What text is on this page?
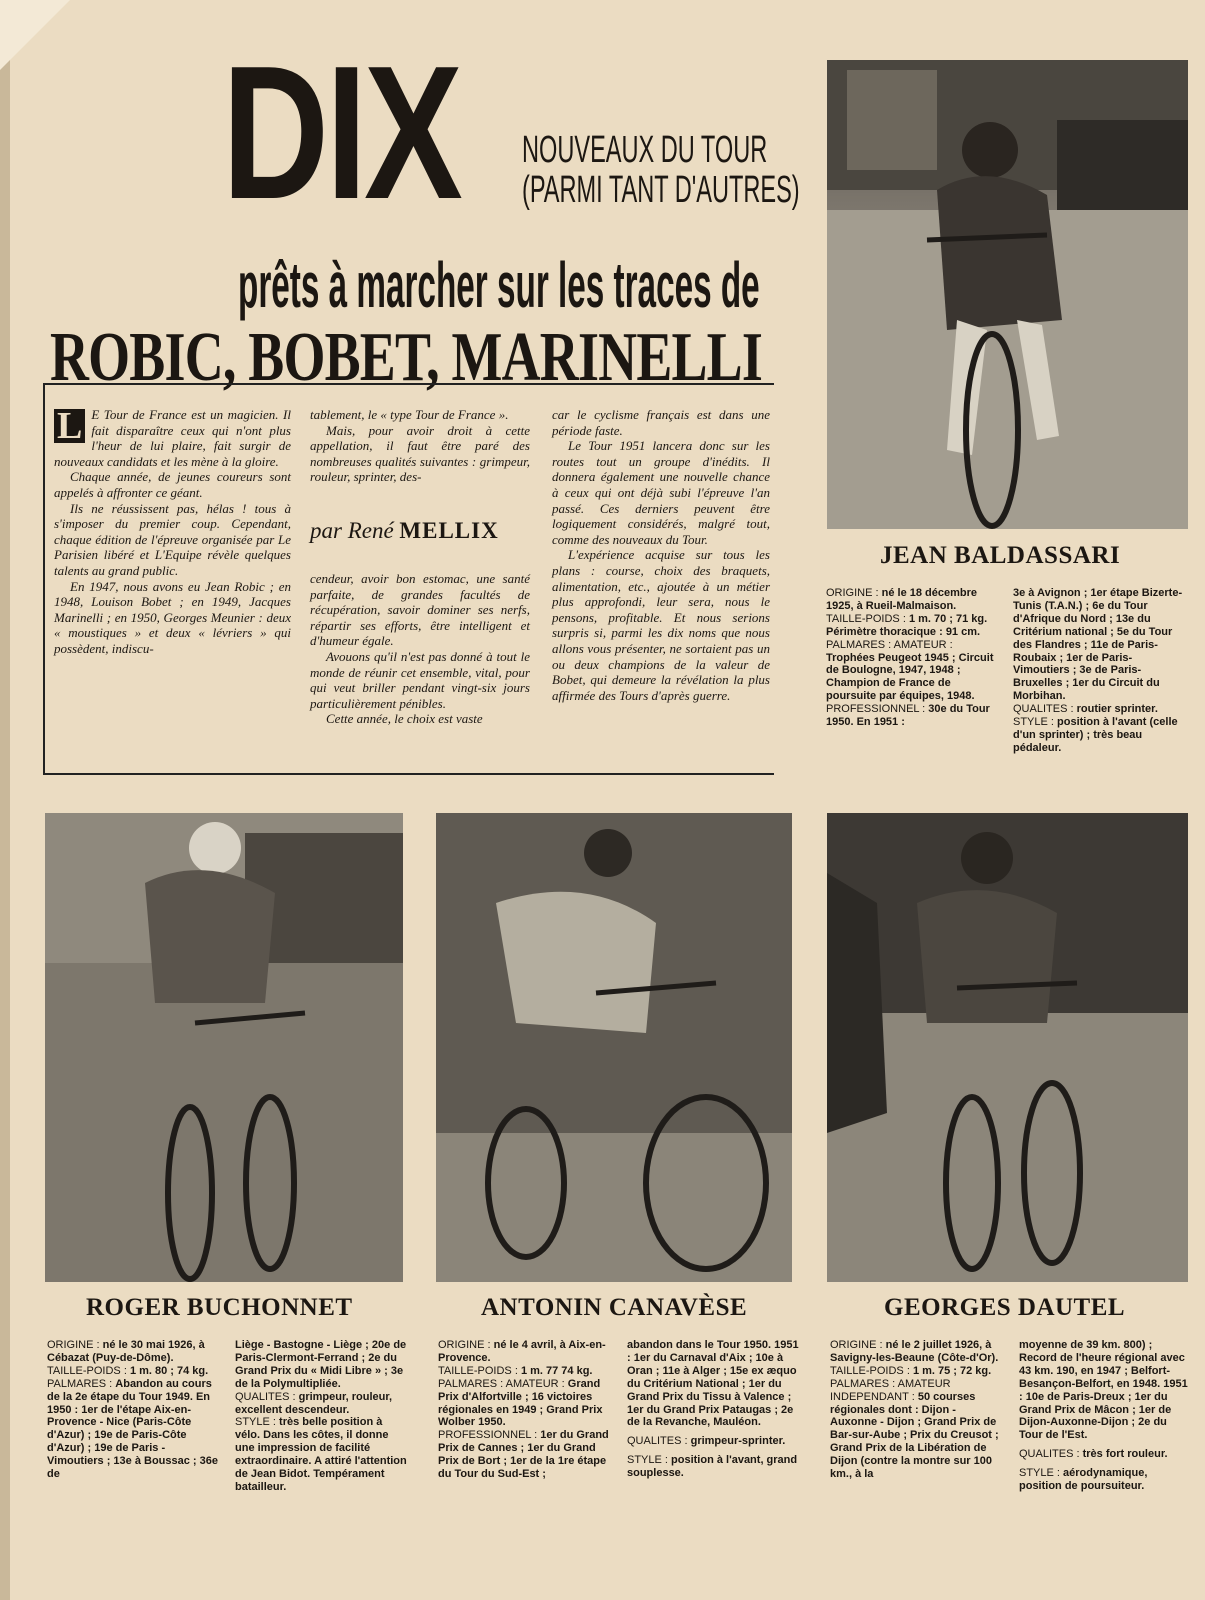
DIX NOUVEAUX DU TOUR
(PARMI TANT D'AUTRES)
prêts à marcher sur les traces de
ROBIC, BOBET, MARINELLI

L E Tour de France est un magicien. Il fait disparaître ceux qui n'ont plus l'heur de lui plaire, fait surgir de nouveaux candidats et les mène à la gloire.

Chaque année, de jeunes coureurs sont appelés à affronter ce géant.

Ils ne réussissent pas, hélas ! tous à s'imposer du premier coup. Cependant, chaque édition de l'épreuve organisée par Le Parisien libéré et L'Equipe révèle quelques talents au grand public.

En 1947, nous avons eu Jean Robic ; en 1948, Louison Bobet ; en 1949, Jacques Marinelli ; en 1950, Georges Meunier : deux « moustiques » et deux « lévriers » qui possèdent, indiscu-

tablement, le « type Tour de France ».

Mais, pour avoir droit à cette appellation, il faut être paré des nombreuses qualités suivantes : grimpeur, rouleur, sprinter, des-

par René MELLIX

cendeur, avoir bon estomac, une santé parfaite, de grandes facultés de récupération, savoir dominer ses nerfs, répartir ses efforts, être intelligent et d'humeur égale.

Avouons qu'il n'est pas donné à tout le monde de réunir cet ensemble, vital, pour qui veut briller pendant vingt-six jours particulièrement pénibles.

Cette année, le choix est vaste

car le cyclisme français est dans une période faste.

Le Tour 1951 lancera donc sur les routes tout un groupe d'inédits. Il donnera également une nouvelle chance à ceux qui ont déjà subi l'épreuve l'an passé. Ces derniers peuvent être logiquement considérés, malgré tout, comme des nouveaux du Tour.

L'expérience acquise sur tous les plans : course, choix des braquets, alimentation, etc., ajoutée à un métier plus approfondi, leur sera, nous le pensons, profitable. Et nous serions surpris si, parmi les dix noms que nous allons vous présenter, ne sortaient pas un ou deux champions de la valeur de Bobet, qui demeure la révélation la plus affirmée des Tours d'après guerre.

JEAN BALDASSARI

ORIGINE : né le 18 décembre 1925, à Rueil-Malmaison.

TAILLE-POIDS : 1 m. 70 ; 71 kg. Périmètre thoracique : 91 cm.

PALMARES : AMATEUR : Trophées Peugeot 1945 ; Circuit de Boulogne, 1947, 1948 ; Champion de France de poursuite par équipes, 1948.

PROFESSIONNEL : 30e du Tour 1950. En 1951 :

3e à Avignon ; 1er étape Bizerte-Tunis (T.A.N.) ; 6e du Tour d'Afrique du Nord ; 13e du Critérium national ; 5e du Tour des Flandres ; 11e de Paris-Roubaix ; 1er de Paris-Vimoutiers ; 3e de Paris-Bruxelles ; 1er du Circuit du Morbihan.

QUALITES : routier sprinter.

STYLE : position à l'avant (celle d'un sprinter) ; très beau pédaleur.

ROGER BUCHONNET

ORIGINE : né le 30 mai 1926, à Cébazat (Puy-de-Dôme).

TAILLE-POIDS : 1 m. 80 ; 74 kg.

PALMARES : Abandon au cours de la 2e étape du Tour 1949. En 1950 : 1er de l'étape Aix-en-Provence - Nice (Paris-Côte d'Azur) ; 19e de Paris-Côte d'Azur) ; 19e de Paris - Vimoutiers ; 13e à Boussac ; 36e de

Liège - Bastogne - Liège ; 20e de Paris-Clermont-Ferrand ; 2e du Grand Prix du « Midi Libre » ; 3e de la Polymultipliée.

QUALITES : grimpeur, rouleur, excellent descendeur.

STYLE : très belle position à vélo. Dans les côtes, il donne une impression de facilité extraordinaire. A attiré l'attention de Jean Bidot. Tempérament batailleur.

ANTONIN CANAVÈSE

ORIGINE : né le 4 avril, à Aix-en-Provence.

TAILLE-POIDS : 1 m. 77 74 kg.

PALMARES : AMATEUR : Grand Prix d'Alfortville ; 16 victoires régionales en 1949 ; Grand Prix Wolber 1950.

PROFESSIONNEL : 1er du Grand Prix de Cannes ; 1er du Grand Prix de Bort ; 1er de la 1re étape du Tour du Sud-Est ;

abandon dans le Tour 1950. 1951 : 1er du Carnaval d'Aix ; 10e à Oran ; 11e à Alger ; 15e ex æquo du Critérium National ; 1er du Grand Prix du Tissu à Valence ; 1er du Grand Prix Pataugas ; 2e de la Revanche, Mauléon.

QUALITES : grimpeur-sprinter.

STYLE : position à l'avant, grand souplesse.

GEORGES DAUTEL

ORIGINE : né le 2 juillet 1926, à Savigny-les-Beaune (Côte-d'Or).

TAILLE-POIDS : 1 m. 75 ; 72 kg.

PALMARES : AMATEUR INDEPENDANT : 50 courses régionales dont : Dijon - Auxonne - Dijon ; Grand Prix de Bar-sur-Aube ; Prix du Creusot ; Grand Prix de la Libération de Dijon (contre la montre sur 100 km., à la

moyenne de 39 km. 800) ; Record de l'heure régional avec 43 km. 190, en 1947 ; Belfort-Besançon-Belfort, en 1948. 1951 : 10e de Paris-Dreux ; 1er du Grand Prix de Mâcon ; 1er de Dijon-Auxonne-Dijon ; 2e du Tour de l'Est.

QUALITES : très fort rouleur.

STYLE : aérodynamique, position de poursuiteur.
